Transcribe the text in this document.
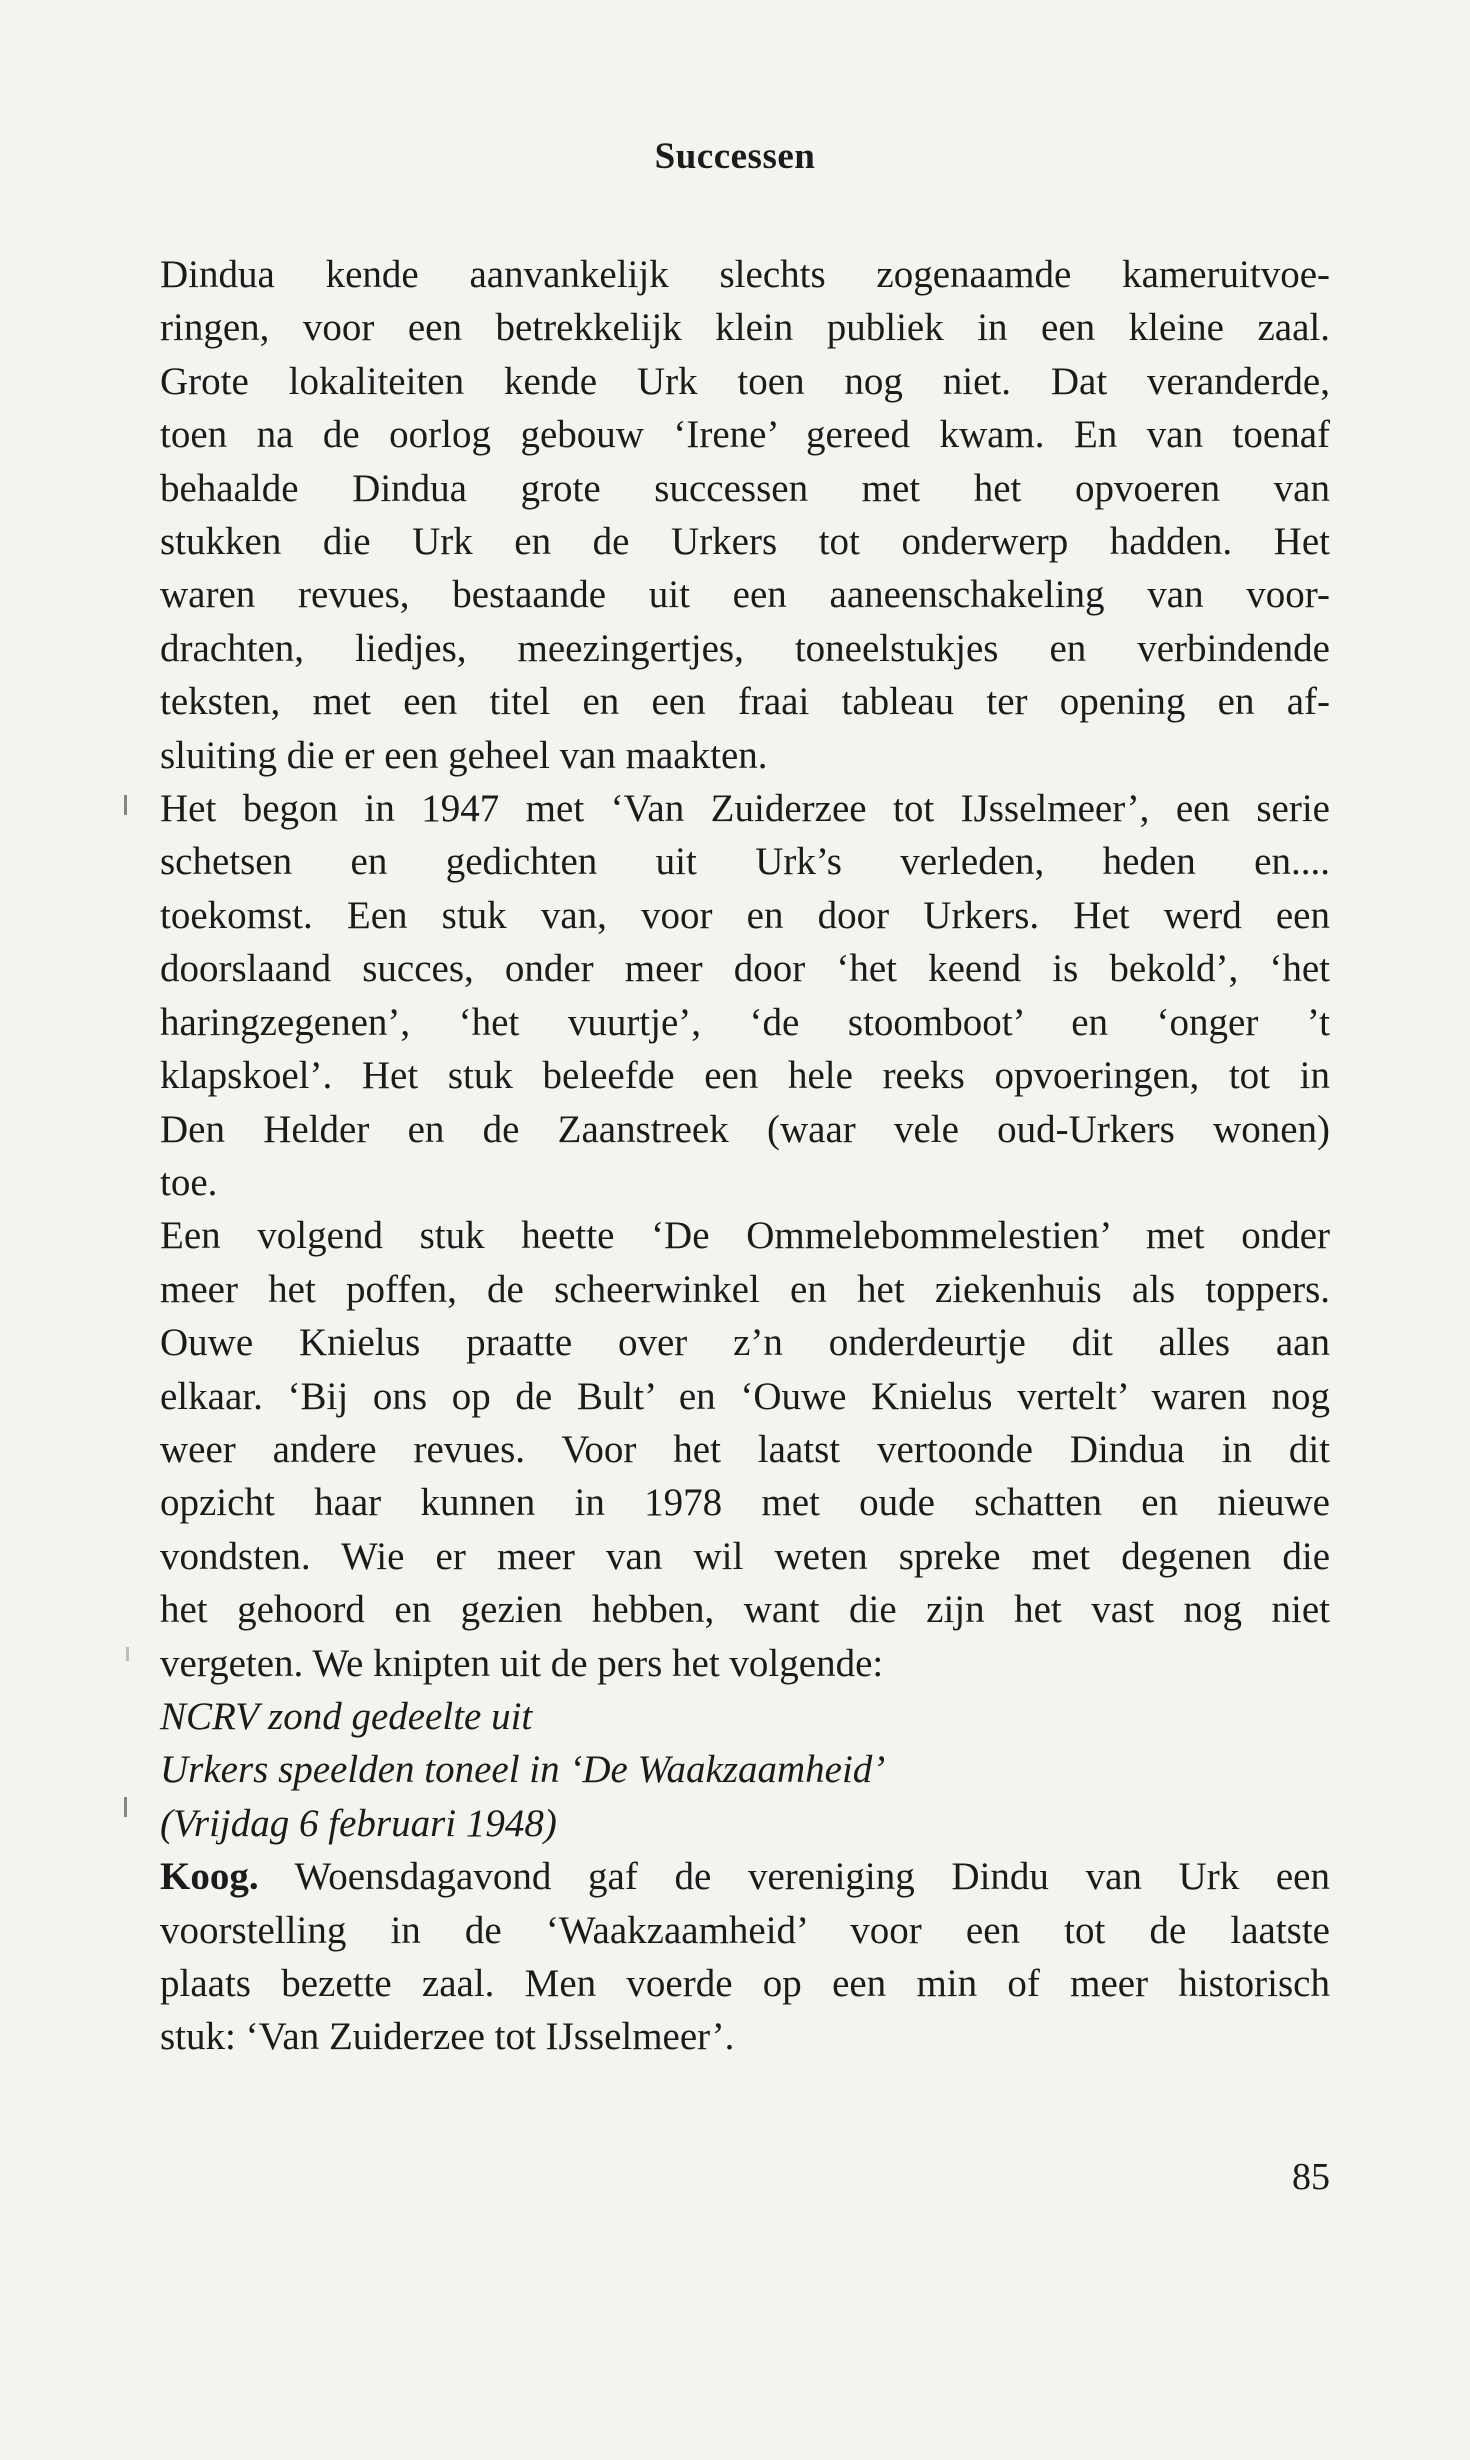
Successen
Dindua kende aanvankelijk slechts zogenaamde kameruitvoe-
ringen, voor een betrekkelijk klein publiek in een kleine zaal.
Grote lokaliteiten kende Urk toen nog niet. Dat veranderde,
toen na de oorlog gebouw ‘Irene’ gereed kwam. En van toenaf
behaalde Dindua grote successen met het opvoeren van
stukken die Urk en de Urkers tot onderwerp hadden. Het
waren revues, bestaande uit een aaneenschakeling van voor-
drachten, liedjes, meezingertjes, toneelstukjes en verbindende
teksten, met een titel en een fraai tableau ter opening en af-
sluiting die er een geheel van maakten.
Het begon in 1947 met ‘Van Zuiderzee tot IJsselmeer’, een serie
schetsen en gedichten uit Urk’s verleden, heden en....
toekomst. Een stuk van, voor en door Urkers. Het werd een
doorslaand succes, onder meer door ‘het keend is bekold’, ‘het
haringzegenen’, ‘het vuurtje’, ‘de stoomboot’ en ‘onger ’t
klapskoel’. Het stuk beleefde een hele reeks opvoeringen, tot in
Den Helder en de Zaanstreek (waar vele oud-Urkers wonen)
toe.
Een volgend stuk heette ‘De Ommelebommelestien’ met onder
meer het poffen, de scheerwinkel en het ziekenhuis als toppers.
Ouwe Knielus praatte over z’n onderdeurtje dit alles aan
elkaar. ‘Bij ons op de Bult’ en ‘Ouwe Knielus vertelt’ waren nog
weer andere revues. Voor het laatst vertoonde Dindua in dit
opzicht haar kunnen in 1978 met oude schatten en nieuwe
vondsten. Wie er meer van wil weten spreke met degenen die
het gehoord en gezien hebben, want die zijn het vast nog niet
vergeten. We knipten uit de pers het volgende:
NCRV zond gedeelte uit
Urkers speelden toneel in ‘De Waakzaamheid’
(Vrijdag 6 februari 1948)
Koog. Woensdagavond gaf de vereniging Dindu van Urk een
voorstelling in de ‘Waakzaamheid’ voor een tot de laatste
plaats bezette zaal. Men voerde op een min of meer historisch
stuk: ‘Van Zuiderzee tot IJsselmeer’.
85
